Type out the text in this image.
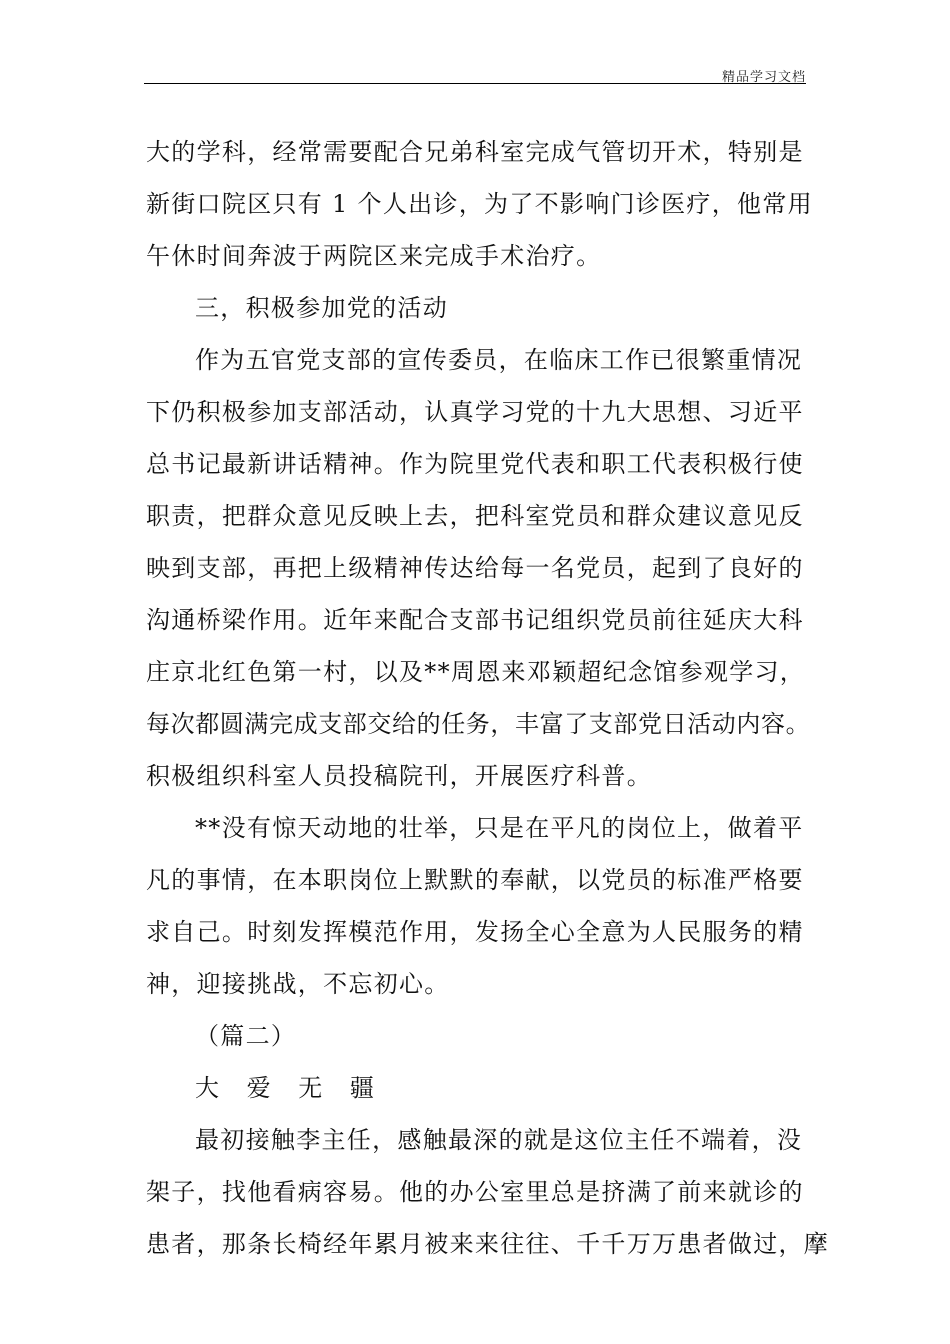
精品学习文档
大的学科，经常需要配合兄弟科室完成气管切开术，特别是
新街口院区只有 1 个人出诊，为了不影响门诊医疗，他常用
午休时间奔波于两院区来完成手术治疗。
三，积极参加党的活动
作为五官党支部的宣传委员，在临床工作已很繁重情况
下仍积极参加支部活动，认真学习党的十九大思想、习近平
总书记最新讲话精神。作为院里党代表和职工代表积极行使
职责，把群众意见反映上去，把科室党员和群众建议意见反
映到支部，再把上级精神传达给每一名党员，起到了良好的
沟通桥梁作用。近年来配合支部书记组织党员前往延庆大科
庄京北红色第一村，以及**周恩来邓颖超纪念馆参观学习，
每次都圆满完成支部交给的任务，丰富了支部党日活动内容。
积极组织科室人员投稿院刊，开展医疗科普。
**没有惊天动地的壮举，只是在平凡的岗位上，做着平
凡的事情，在本职岗位上默默的奉献，以党员的标准严格要
求自己。时刻发挥模范作用，发扬全心全意为人民服务的精
神，迎接挑战，不忘初心。
（篇二）
大 爱 无 疆
最初接触李主任，感触最深的就是这位主任不端着，没
架子，找他看病容易。他的办公室里总是挤满了前来就诊的
患者，那条长椅经年累月被来来往往、千千万万患者做过，摩
